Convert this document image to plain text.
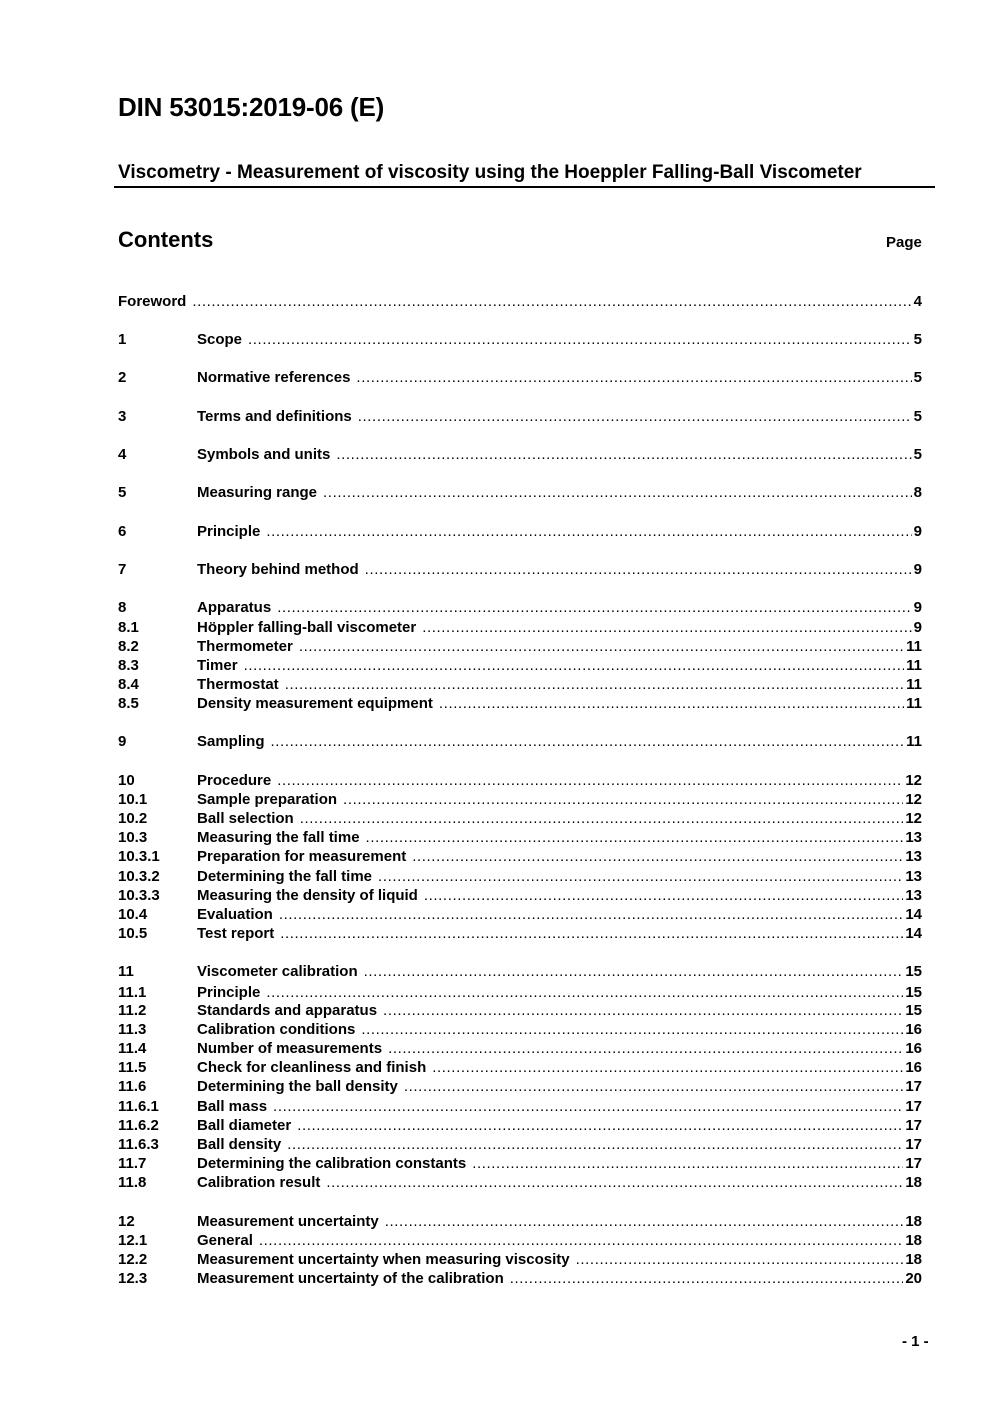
DIN 53015:2019-06 (E)
Viscometry - Measurement of viscosity using the Hoeppler Falling-Ball Viscometer
Contents	Page
Foreword .....	4
1	Scope .....	5
2	Normative references .....	5
3	Terms and definitions .....	5
4	Symbols and units .....	5
5	Measuring range .....	8
6	Principle .....	9
7	Theory behind method .....	9
8	Apparatus .....	9
8.1	Höppler falling-ball viscometer .....	9
8.2	Thermometer .....	11
8.3	Timer .....	11
8.4	Thermostat .....	11
8.5	Density measurement equipment .....	11
9	Sampling .....	11
10	Procedure .....	12
10.1	Sample preparation .....	12
10.2	Ball selection .....	12
10.3	Measuring the fall time .....	13
10.3.1	Preparation for measurement .....	13
10.3.2	Determining the fall time .....	13
10.3.3	Measuring the density of liquid .....	13
10.4	Evaluation .....	14
10.5	Test report .....	14
11	Viscometer calibration .....	15
11.1	Principle .....	15
11.2	Standards and apparatus .....	15
11.3	Calibration conditions .....	16
11.4	Number of measurements .....	16
11.5	Check for cleanliness and finish .....	16
11.6	Determining the ball density .....	17
11.6.1	Ball mass .....	17
11.6.2	Ball diameter .....	17
11.6.3	Ball density .....	17
11.7	Determining the calibration constants .....	17
11.8	Calibration result .....	18
12	Measurement uncertainty .....	18
12.1	General .....	18
12.2	Measurement uncertainty when measuring viscosity .....	18
12.3	Measurement uncertainty of the calibration .....	20
- 1 -
